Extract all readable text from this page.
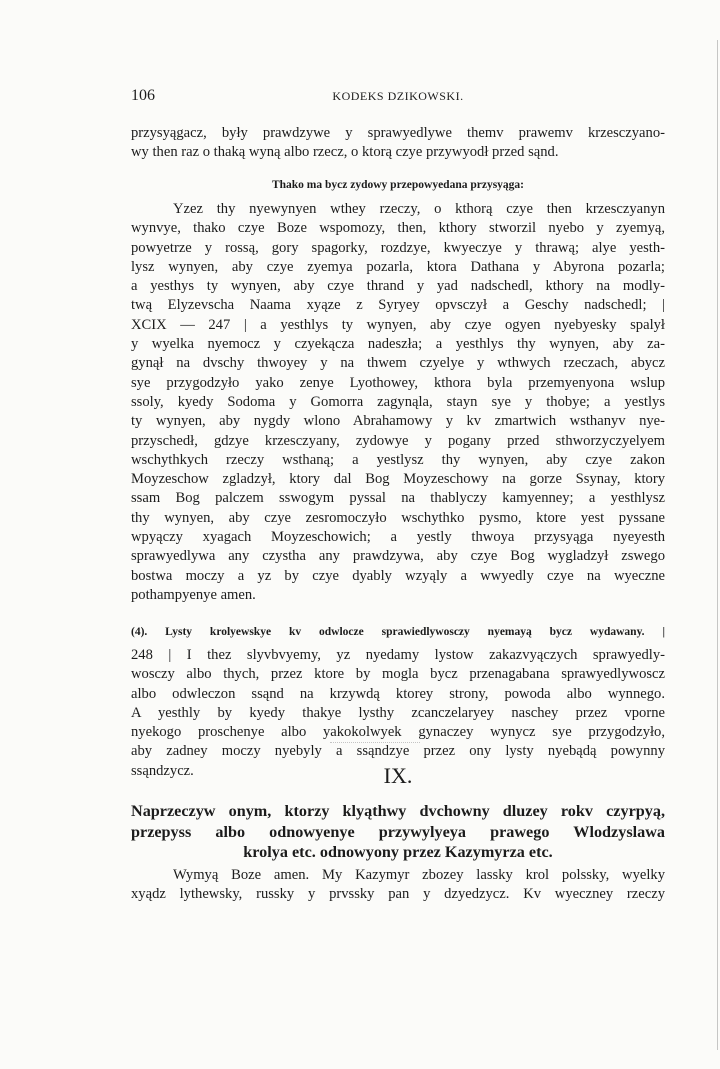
106	KODEKS DZIKOWSKI.
przysyągacz, były prawdzywe y sprawyedlywe themv prawemv krzesczyano-
wy then raz o thaką wyną albo rzecz, o ktorą czye przywyodł przed sąnd.
Thako ma bycz zydowy przepowyedana przysyąga:
Yzez thy nyewynyen wthey rzeczy, o kthorą czye then krzesczyanyn
wynvye, thako czye Boze wspomozy, then, kthory stworzil nyebo y zyemyą,
powyetrze y rossą, gory spagorky, rozdzye, kwyeczye y thrawą; alye yesth-
lysz wynyen, aby czye zyemya pozarla, ktora Dathana y Abyrona pozarla;
a yesthys ty wynyen, aby czye thrand y yad nadschedl, kthory na modly-
twą Elyzevscha Naama xyąze z Syryey opvsczył a Geschy nadschedl; |
XCIX — 247 | a yesthlys ty wynyen, aby czye ogyen nyebyesky spalył
y wyelka nyemocz y czyekącza nadeszła; a yesthlys thy wynyen, aby za-
gynął na dvschy thwoyey y na thwem czyelye y wthwych rzeczach, abycz
sye przygodzyło yako zenye Lyothowey, kthora byla przemyenyona wslup
ssoly, kyedy Sodoma y Gomorra zagynąla, stayn sye y thobye; a yestlys
ty wynyen, aby nygdy wlono Abrahamowy y kv zmartwich wsthanyv nye-
przyschedł, gdzye krzesczyany, zydowye y pogany przed sthworzyczyelyem
wschythkych rzeczy wsthaną; a yestlysz thy wynyen, aby czye zakon
Moyzeschow zgladzył, ktory dal Bog Moyzeschowy na gorze Ssynay, ktory
ssam Bog palczem sswogym pyssal na thablyczy kamyenney; a yesthlysz
thy wynyen, aby czye zesromoczyło wschythko pysmo, ktore yest pyssane
wpyączy xyagach Moyzeschowich; a yestly thwoya przysyąga nyeyesth
sprawyedlywa any czystha any prawdzywa, aby czye Bog wygladzył zswego
bostwa moczy a yz by czye dyably wzyąly a wwyedly czye na wyeczne
pothampyenye amen.
(4). Lysty krolyewskye kv odwlocze sprawiedlywosczy nyemayą bycz wydawany. |
248 | I thez slyvbvyemy, yz nyedamy lystow zakazvyączych sprawyedly-
wosczy albo thych, przez ktore by mogla bycz przenagabana sprawyedlywoscz
albo odwleczon ssąnd na krzywdą ktorey strony, powoda albo wynnego.
A yesthly by kyedy thakye lysthy zcanczelaryey naschey przez vporne
nyekogo proschenye albo yakokolwyek gynaczey wynycz sye przygodzyło,
aby zadney moczy nyebyly a ssąndzye przez ony lysty nyebądą powynny
ssąndzycz.	IX.
Naprzeczyw onym, ktorzy klyąthwy dvchowny dluzey rokv czyrpyą,
przepyss albo odnowyenye przywylyeya prawego Wlodzyslawa
krolya etc. odnowyony przez Kazymyrza etc.
Wymyą Boze amen. My Kazymyr zbozey lassky krol polssky, wyelky
xyądz lythewsky, russky y prvssky pan y dzyedzycz. Kv wyeczney rzeczy
